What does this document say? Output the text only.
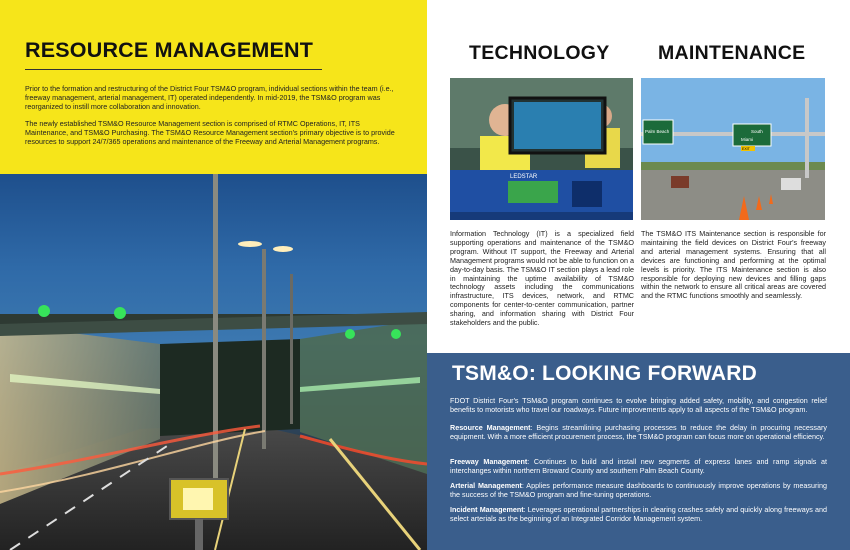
RESOURCE MANAGEMENT

Prior to the formation and restructuring of the District Four TSM&O program, individual sections within the team (i.e., freeway management, arterial management, IT) operated independently. In mid-2019, the TSM&O program was reorganized to instill more collaboration and innovation.

The newly established TSM&O Resource Management section is comprised of RTMC Operations, IT, ITS Maintenance, and TSM&O Purchasing. The TSM&O Resource Management section's primary objective is to provide resources to support 24/7/365 operations and maintenance of the Freeway and Arterial Management programs.

TECHNOLOGY
LEDSTAR

Information Technology (IT) is a specialized field supporting operations and maintenance of the TSM&O program. Without IT support, the Freeway and Arterial Management programs would not be able to function on a day-to-day basis. The TSM&O IT section plays a lead role in maintaining the uptime availability of TSM&O technology assets including the communications infrastructure, ITS devices, network, and RTMC components for center-to-center communication, partner sharing, and information sharing with District Four stakeholders and the public.

MAINTENANCE
Palm Beach	South
Miami
EXIT

The TSM&O ITS Maintenance section is responsible for maintaining the field devices on District Four's freeway and arterial management systems. Ensuring that all devices are functioning and performing at the optimal levels is priority. The ITS Maintenance section is also responsible for deploying new devices and filling gaps within the network to ensure all critical areas are covered and the RTMC functions smoothly and seamlessly.

TSM&O: LOOKING FORWARD

FDOT District Four's TSM&O program continues to evolve bringing added safety, mobility, and congestion relief benefits to motorists who travel our roadways. Future improvements apply to all aspects of the TSM&O program.

Resource Management: Begins streamlining purchasing processes to reduce the delay in procuring necessary equipment. With a more efficient procurement process, the TSM&O program can focus more on operational efficiency.

Freeway Management: Continues to build and install new segments of express lanes and ramp signals at interchanges within northern Broward County and southern Palm Beach County.

Arterial Management: Applies performance measure dashboards to continuously improve operations by measuring the success of the TSM&O program and fine-tuning operations.

Incident Management: Leverages operational partnerships in clearing crashes safely and quickly along freeways and select arterials as the beginning of an Integrated Corridor Management system.
